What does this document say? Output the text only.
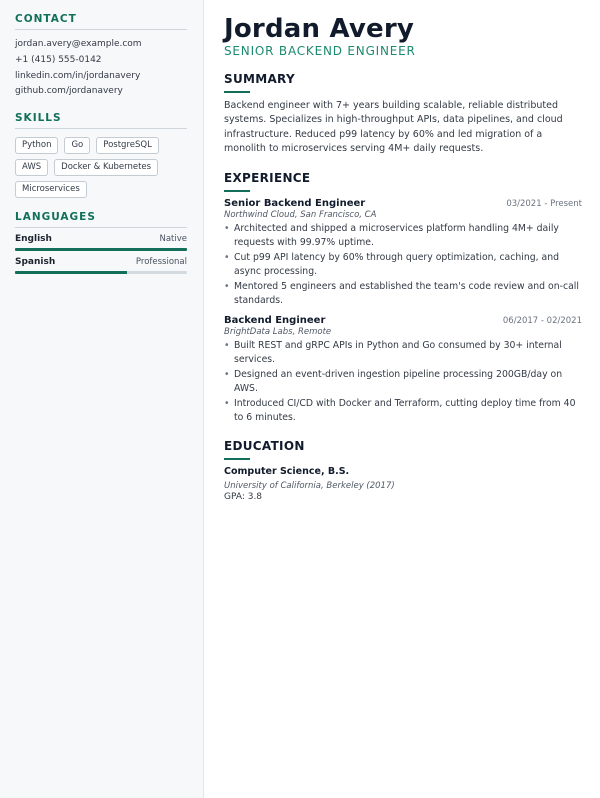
CONTACT
jordan.avery@example.com
+1 (415) 555-0142
linkedin.com/in/jordanavery
github.com/jordanavery
SKILLS
Python	Go	PostgreSQL
AWS	Docker & Kubernetes
Microservices
LANGUAGES
English	Native
Spanish	Professional
Jordan Avery
SENIOR BACKEND ENGINEER
SUMMARY

Backend engineer with 7+ years building scalable, reliable distributed systems. Specializes in high-throughput APIs, data pipelines, and cloud infrastructure. Reduced p99 latency by 60% and led migration of a monolith to microservices serving 4M+ daily requests.

EXPERIENCE
Senior Backend Engineer	03/2021 - Present
Northwind Cloud, San Francisco, CA
• Architected and shipped a microservices platform handling 4M+ daily requests with 99.97% uptime.
• Cut p99 API latency by 60% through query optimization, caching, and async processing.
• Mentored 5 engineers and established the team's code review and on-call standards.
Backend Engineer	06/2017 - 02/2021
BrightData Labs, Remote
• Built REST and gRPC APIs in Python and Go consumed by 30+ internal services.
• Designed an event-driven ingestion pipeline processing 200GB/day on AWS.
• Introduced CI/CD with Docker and Terraform, cutting deploy time from 40 to 6 minutes.
EDUCATION
Computer Science, B.S.
University of California, Berkeley (2017)
GPA: 3.8
